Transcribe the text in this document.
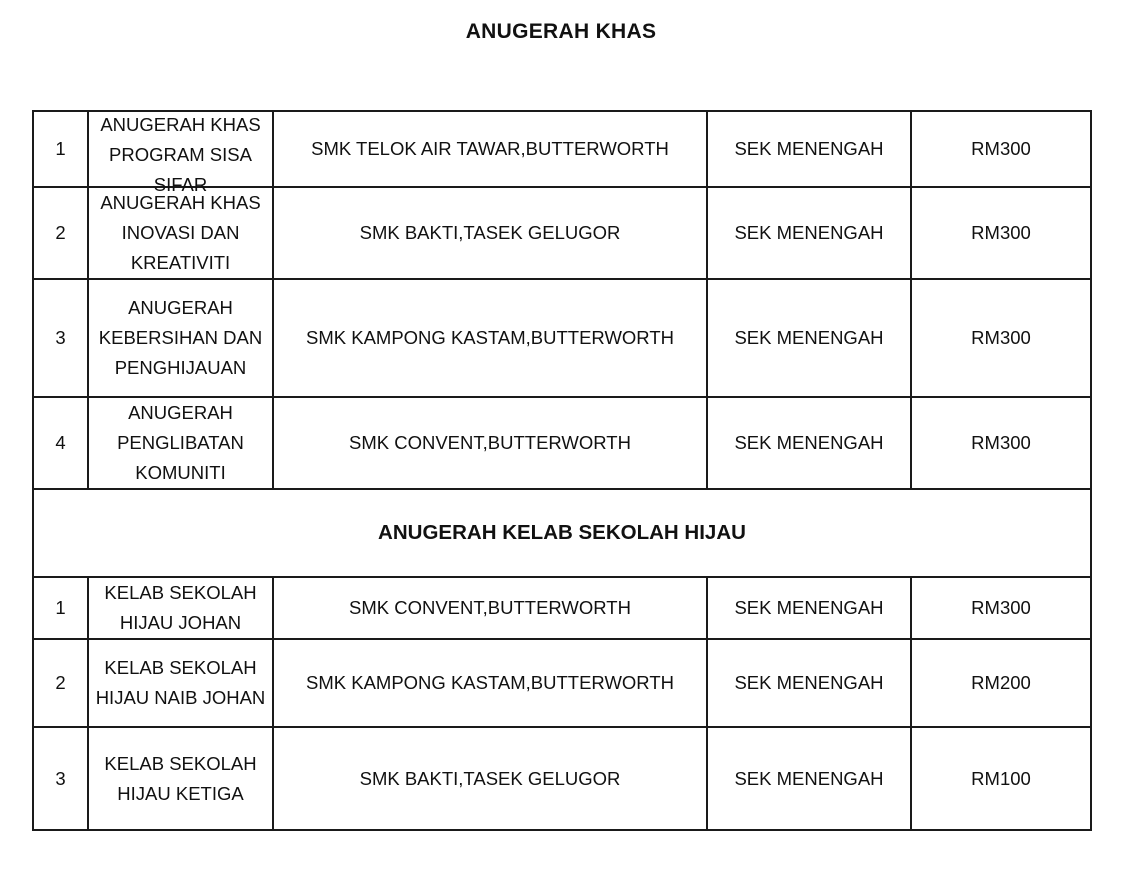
ANUGERAH KHAS
1	ANUGERAH KHAS
PROGRAM SISA
SIFAR	SMK TELOK AIR TAWAR,BUTTERWORTH	SEK MENENGAH	RM300
2	ANUGERAH KHAS
INOVASI DAN
KREATIVITI	SMK BAKTI,TASEK GELUGOR	SEK MENENGAH	RM300
3	ANUGERAH
KEBERSIHAN DAN
PENGHIJAUAN	SMK KAMPONG KASTAM,BUTTERWORTH	SEK MENENGAH	RM300
4	ANUGERAH
PENGLIBATAN
KOMUNITI	SMK CONVENT,BUTTERWORTH	SEK MENENGAH	RM300
ANUGERAH KELAB SEKOLAH HIJAU				
1	KELAB SEKOLAH
HIJAU JOHAN	SMK CONVENT,BUTTERWORTH	SEK MENENGAH	RM300
2	KELAB SEKOLAH
HIJAU NAIB JOHAN	SMK KAMPONG KASTAM,BUTTERWORTH	SEK MENENGAH	RM200
3	KELAB SEKOLAH
HIJAU KETIGA	SMK BAKTI,TASEK GELUGOR	SEK MENENGAH	RM100
